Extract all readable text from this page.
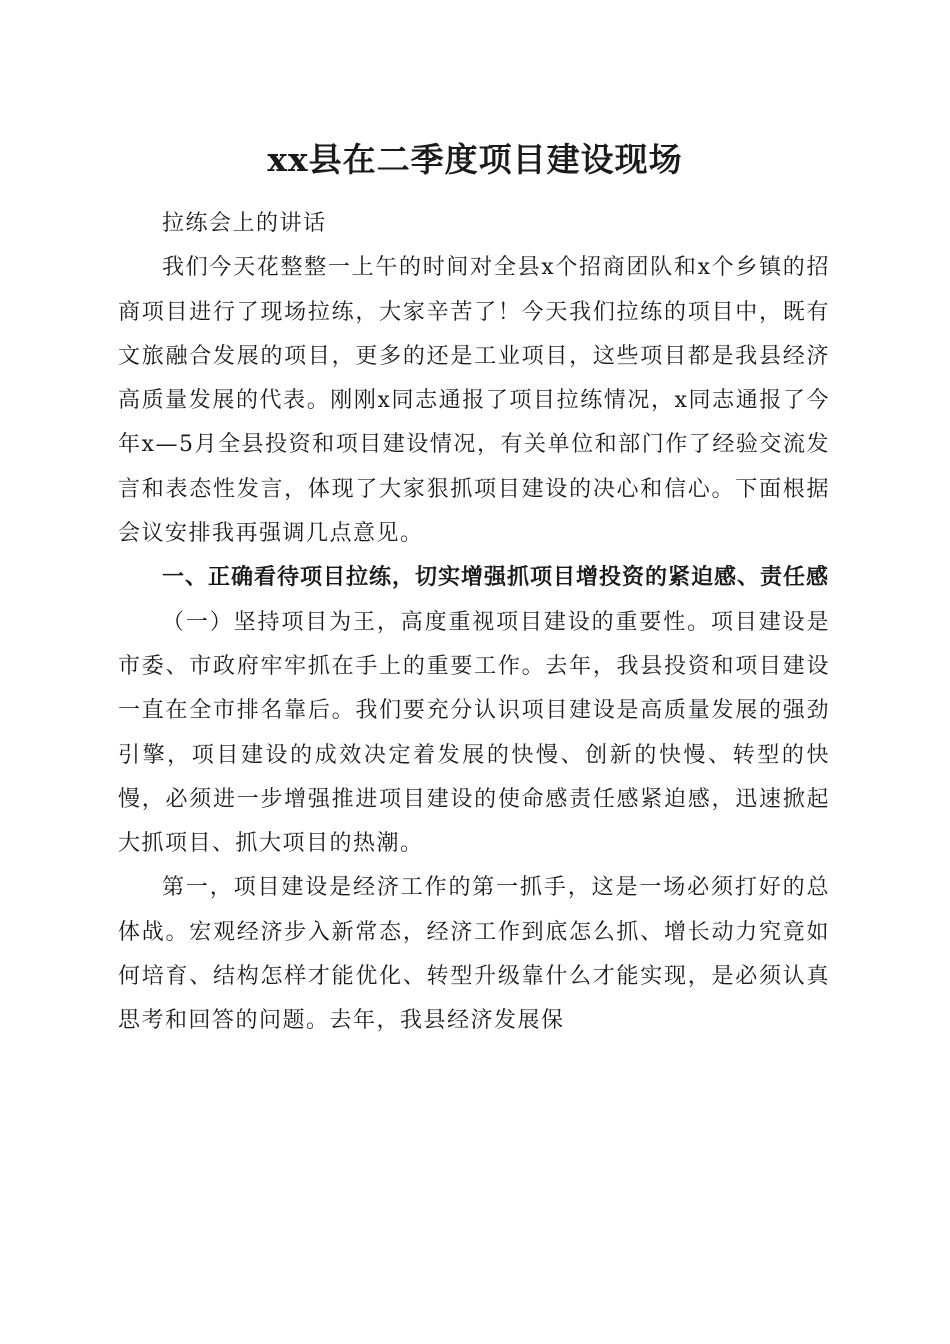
xx县在二季度项目建设现场

拉练会上的讲话

我们今天花整整一上午的时间对全县x个招商团队和x个乡镇的招商项目进行了现场拉练，大家辛苦了！今天我们拉练的项目中，既有文旅融合发展的项目，更多的还是工业项目，这些项目都是我县经济高质量发展的代表。刚刚x同志通报了项目拉练情况，x同志通报了今年x—5月全县投资和项目建设情况，有关单位和部门作了经验交流发言和表态性发言，体现了大家狠抓项目建设的决心和信心。下面根据会议安排我再强调几点意见。

一、正确看待项目拉练，切实增强抓项目增投资的紧迫感、责任感

（一）坚持项目为王，高度重视项目建设的重要性。项目建设是市委、市政府牢牢抓在手上的重要工作。去年，我县投资和项目建设一直在全市排名靠后。我们要充分认识项目建设是高质量发展的强劲引擎，项目建设的成效决定着发展的快慢、创新的快慢、转型的快慢，必须进一步增强推进项目建设的使命感责任感紧迫感，迅速掀起大抓项目、抓大项目的热潮。

第一，项目建设是经济工作的第一抓手，这是一场必须打好的总体战。宏观经济步入新常态，经济工作到底怎么抓、增长动力究竟如何培育、结构怎样才能优化、转型升级靠什么才能实现，是必须认真思考和回答的问题。去年，我县经济发展保
